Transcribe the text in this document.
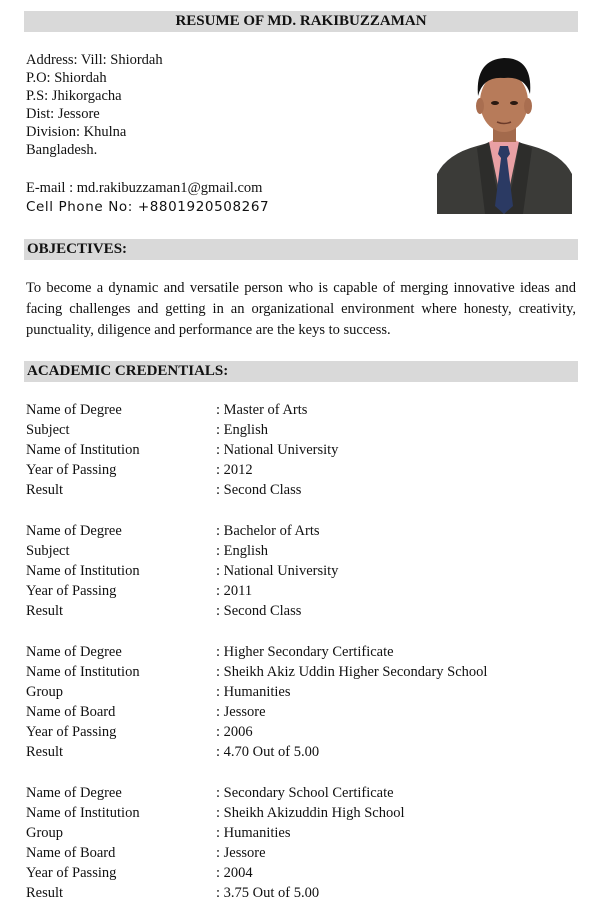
RESUME OF MD. RAKIBUZZAMAN
Address: Vill: Shiordah
P.O: Shiordah
P.S: Jhikorgacha
Dist: Jessore
Division: Khulna
Bangladesh.
E-mail : md.rakibuzzaman1@gmail.com
Cell Phone No: +8801920508267
OBJECTIVES:
To become a dynamic and versatile person who is capable of merging innovative ideas and facing challenges and getting in an organizational environment where honesty, creativity, punctuality, diligence and performance are the keys to success.
ACADEMIC CREDENTIALS:
Name of Degree	: Master of Arts
Subject	: English
Name of Institution	: National University
Year of Passing	: 2012
Result	: Second Class
Name of Degree	: Bachelor of Arts
Subject	: English
Name of Institution	: National University
Year of Passing	: 2011
Result	: Second Class
Name of Degree	: Higher Secondary Certificate
Name of Institution	: Sheikh Akiz Uddin Higher Secondary School
Group	: Humanities
Name of Board	: Jessore
Year of Passing	: 2006
Result	: 4.70 Out of 5.00
Name of Degree	: Secondary School Certificate
Name of Institution	: Sheikh Akizuddin High School
Group	: Humanities
Name of Board	: Jessore
Year of Passing	: 2004
Result	: 3.75 Out of 5.00
